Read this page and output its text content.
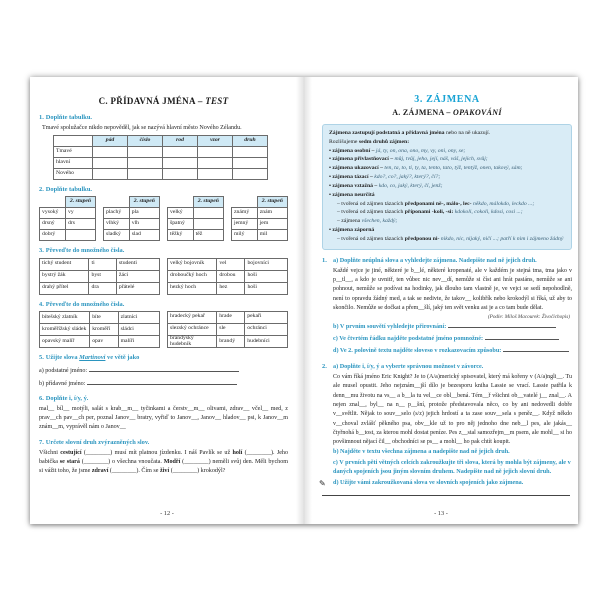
C. PŘÍDAVNÁ JMÉNA – TEST
1. Doplňte tabulku.

Tmavé spolužačce nikdo nepověděl, jak se nazývá hlavní město Nového Zélandu.

	pád	číslo	rod	vzor	druh
Tmavé					
hlavní					
Nového					
2. Doplňte tabulku.
	2. stupeň
vysoký	vy
drsný	drs
dobrý	
	2. stupeň
plachý	pla
vlhký	vlh
sladký	slad
	2. stupeň
velký	
špatný	
těžký	těž
	2. stupeň
známý	znám
jemný	jem
milý	mil
3. Převeďte do množného čísla.
tichý student	ti	studenti
bystrý žák	byst	žáci
drahý přítel	dra	přátelé
velký bojovník	vel	bojovníci
droboučký hoch	drobou	hoši
hezký hoch	hez	hoši
4. Převeďte do množného čísla.
bítešský zlatník	bíte	zlatníci
kroměřížský sládek	kroměří	sládci
opavský malíř	opav	malíři
hradecký pekař	hrade	pekaři
slezský ochránce	sle	ochránci
brandýský hudebník	brandý	hudebníci
5. Užijte slova Martinovi ve větě jako

a) podstatné jméno:

b) přídavné jméno:

6. Doplňte i, í/y, ý.

mal__ bíl__ motýli, salát s krab__m__ tyčinkami a čerstv__m__ olivami, zdrav__ včel__ med, z prav__ch pav__ch per, poznal Janov__ bratry, vyřiď to Janov__, Janov__ hladov__ psi, k Janov__m znám__m, vyprávěl nám o Janov__

7. Určete slovní druh zvýrazněných slov.

Všichni cestující (________) musí mít platnou jízdenku. I náš Pavlík se už holí (________). Jeho babička se stará (________) o všechna vnoučata. Modří (________) neměli svůj den. Měli bychom si vážit toho, že jsme zdraví (________). Čím se živí (________) krokodýl?

- 12 -
3. ZÁJMENA
A. ZÁJMENA – OPAKOVÁNÍ

Zájmena zastupují podstatná a přídavná jména nebo na ně ukazují.

Rozlišujeme sedm druhů zájmen:

• zájmena osobní – já, ty, on, ona, ono, my, vy, oni, ony, se;

• zájmena přivlastňovací – můj, tvůj, jeho, její, náš, váš, jejich, svůj;

• zájmena ukazovací – ten, ta, to, ti, ty, ta, tento, tato, týž, tentýž, onen, takový, sám;

• zájmena tázací – kdo?, co?, jaký?, který?, čí?;

• zájmena vztažná – kdo, co, jaký, který, čí, jenž;

• zájmena neurčitá

– tvořená od zájmen tázacích předponami ně-, málo-, lec- někdo, málokdo, leckdo ...;

– tvořená od zájmen tázacích příponami -koli, -si: kdokoli, cokoli, kdosi, cosi ...;

– zájmena všechen, každý;

• zájmena záporná

– tvořená od zájmen tázacích předponou ni- nikdo, nic, nijaký, ničí ...; patří k nim i zájmeno žádný

1. a) Doplňte neúplná slova a vyhledejte zájmena. Nadepište nad ně jejich druh.

Každé vejce je jiné, některé je b__lé, některé kropenaté, ale v každém je stejná tma, tma jako v p__tl__, a kdo je uvnitř, ten vůbec nic nev__dí, nemůže si číst ani hrát pasiáns, nemůže se ani pohnout, nemůže se podívat na hodinky, jak dlouho tam vlastně je, ve vejci se sedí nepohodlně, není to opravdu žádný med, a tak se nedivte, že takov__ kolibřík nebo krokodýl si říká, už aby to skončilo. Nemůže se dočkat a přem__šlí, jaký ten svět venku asi je a co tam bude dělat.

(Podle: Miloš Macourek: Živočichopis)

b) V prvním souvětí vyhledejte přirovnání:

c) Ve čtvrtém řádku najděte podstatné jméno pomnožné:

d) Ve 2. polovině textu najděte sloveso v rozkazovacím způsobu:

2. a) Doplňte i, í/y, ý a vyberte správnou možnost v závorce.

Co vám říká jméno Eric Knight? Je to (A/a)merický spisovatel, který má kořeny v (A/a)ngli__. Tu ale musel opustit. Jeho nejznám__jší dílo je bezesporu kniha Lassie se vrací. Lassie patřila k denn__mu životu na vs__ a b__la tu vel__ce obl__bená. Tém__ř všichni ob__vatelé j__ znal__. A nejen znal__, byl__ na n__ p__šní, protože představovala něco, co by ani nedovedli dobře v__světlit. Nějak to souv__selo (s/z) jejich hrdostí a ta zase souv__sela s peněz__. Když někdo v__choval zvlášť pěkného psa, obv__kle už to pro něj jednoho dne neb__l pes, ale jakás__ čtyřnohá b__tost, za kterou mohl dostat peníze. Pes z__stal samozřejm__m psem, ale mohl__ si ho povšimnout nějací čil__ obchodníci se ps__ a mohl__ ho pak chtít koupit.

b) Najděte v textu všechna zájmena a nadepište nad ně jejich druh.

c) V prvních pěti větných celcích zakroužkujte tři slova, která by mohla být zájmeny, ale v daných spojeních jsou jiným slovním druhem. Nadepište nad ně jejich slovní druh.

✎ d) Užijte vámi zakroužkovaná slova ve slovních spojeních jako zájmena.

- 13 -
